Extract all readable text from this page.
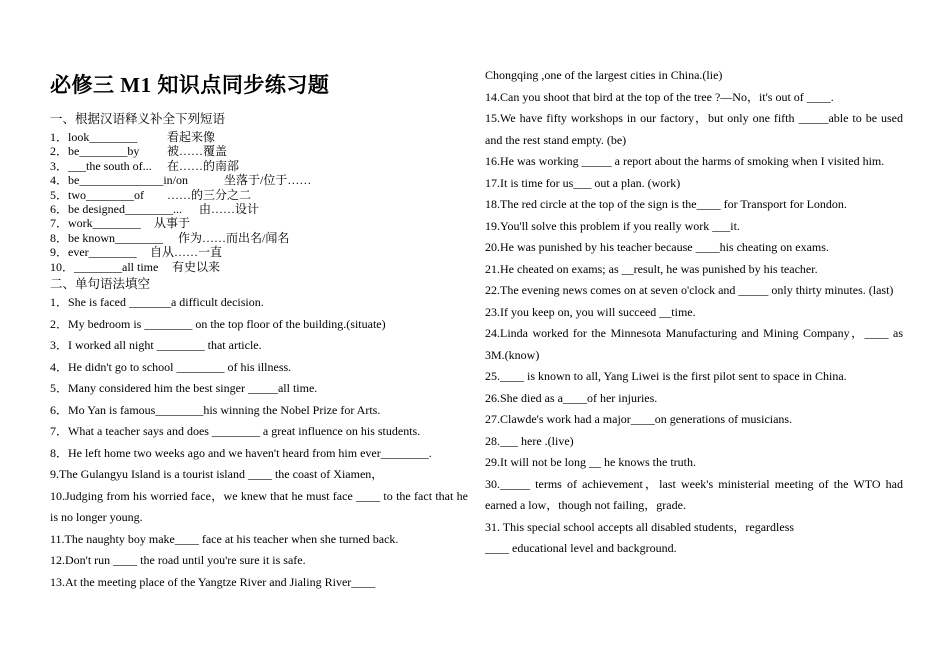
必修三 M1 知识点同步练习题
一、根据汉语释义补全下列短语
1．look________ 看起来像
2．be________by 被……覆盖
3．___the south of... 在……的南部
4．be______________in/on	坐落于/位于……
5．two________of ……的三分之二
6．be designed________... 由……设计
7．work________ 从事于
8．be known________ 作为……而出名/闻名
9．ever________ 自从……一直
10．________all time 有史以来
二、单句语法填空

1．She is faced _______a difficult decision.

2．My bedroom is ________ on the top floor of the building.(situate)

3．I worked all night ________ that article.

4．He didn't go to school ________ of his illness.

5．Many considered him the best singer _____all time.

6．Mo Yan is famous________his winning the Nobel Prize for Arts.

7．What a teacher says and does ________ a great influence on his students.

8．He left home two weeks ago and we haven't heard from him ever________.

9.The Gulangyu Island is a tourist island ____ the coast of Xiamen，

10.Judging from his worried face，we knew that he must face ____ to the fact that he is no longer young.

11.The naughty boy make____ face at his teacher when she turned back.

12.Don't run ____ the road until you're sure it is safe.

13.At the meeting place of the Yangtze River and Jialing River____

Chongqing ,one of the largest cities in China.(lie)

14.Can you shoot that bird at the top of the tree ?—No，it's out of ____.

15.We have fifty workshops in our factory，but only one fifth _____able to be used and the rest stand empty. (be)

16.He was working _____ a report about the harms of smoking when I visited him.

17.It is time for us___ out a plan. (work)

18.The red circle at the top of the sign is the____ for Transport for London.

19.You'll solve this problem if you really work ___it.

20.He was punished by his teacher because ____his cheating on exams.

21.He cheated on exams; as __result, he was punished by his teacher.

22.The evening news comes on at seven o'clock and _____ only thirty minutes. (last)

23.If you keep on, you will succeed __time.

24.Linda worked for the Minnesota Manufacturing and Mining Company，____ as 3M.(know)

25.____ is known to all, Yang Liwei is the first pilot sent to space in China.

26.She died as a____of her injuries.

27.Clawde's work had a major____on generations of musicians.

28.___ here .(live)

29.It will not be long __ he knows the truth.

30._____ terms of achievement，last week's ministerial meeting of the WTO had earned a low，though not failing，grade.

31. This special school accepts all disabled students，regardless

____ educational level and background.
